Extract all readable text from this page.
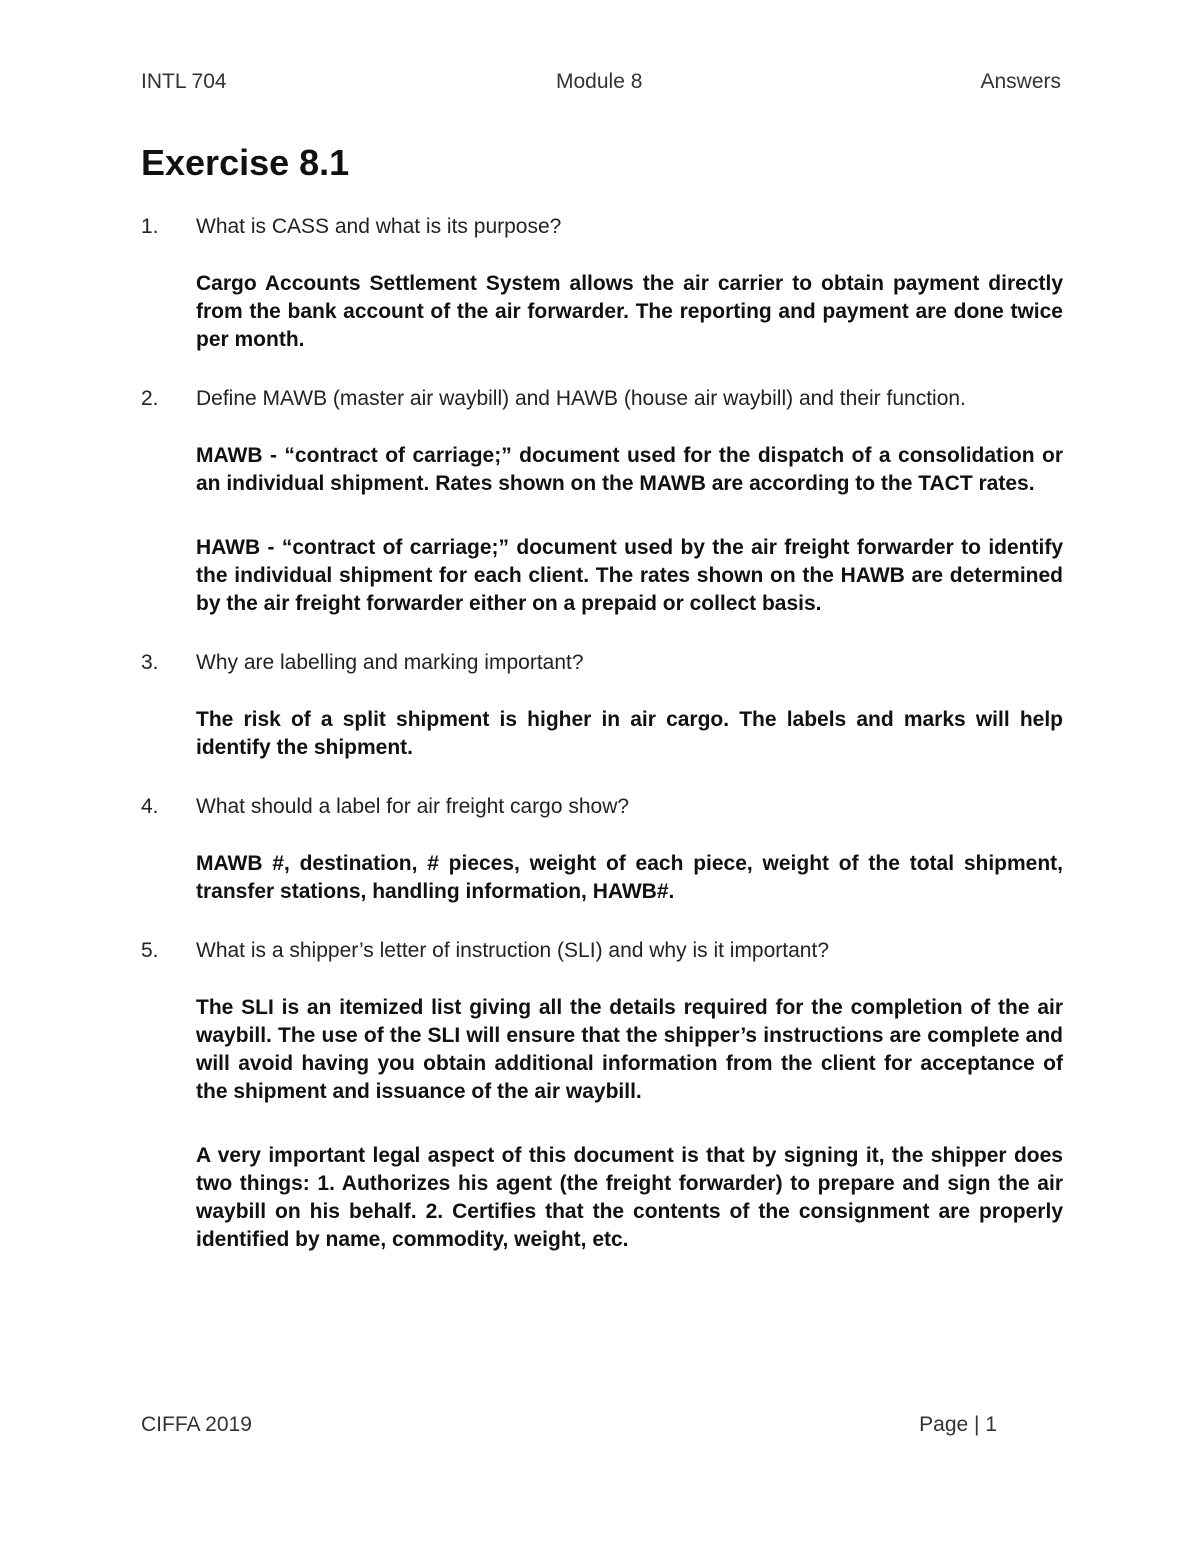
INTL 704	Module 8	Answers
Exercise 8.1

1. What is CASS and what is its purpose?

Cargo Accounts Settlement System allows the air carrier to obtain payment directly from the bank account of the air forwarder. The reporting and payment are done twice per month.

2. Define MAWB (master air waybill) and HAWB (house air waybill) and their function.

MAWB - “contract of carriage;” document used for the dispatch of a consolidation or an individual shipment. Rates shown on the MAWB are according to the TACT rates.

HAWB - “contract of carriage;” document used by the air freight forwarder to identify the individual shipment for each client. The rates shown on the HAWB are determined by the air freight forwarder either on a prepaid or collect basis.

3. Why are labelling and marking important?

The risk of a split shipment is higher in air cargo. The labels and marks will help identify the shipment.

4. What should a label for air freight cargo show?

MAWB #, destination, # pieces, weight of each piece, weight of the total shipment, transfer stations, handling information, HAWB#.

5. What is a shipper’s letter of instruction (SLI) and why is it important?

The SLI is an itemized list giving all the details required for the completion of the air waybill. The use of the SLI will ensure that the shipper’s instructions are complete and will avoid having you obtain additional information from the client for acceptance of the shipment and issuance of the air waybill.

A very important legal aspect of this document is that by signing it, the shipper does two things: 1. Authorizes his agent (the freight forwarder) to prepare and sign the air waybill on his behalf. 2. Certifies that the contents of the consignment are properly identified by name, commodity, weight, etc.

CIFFA 2019	Page | 1
